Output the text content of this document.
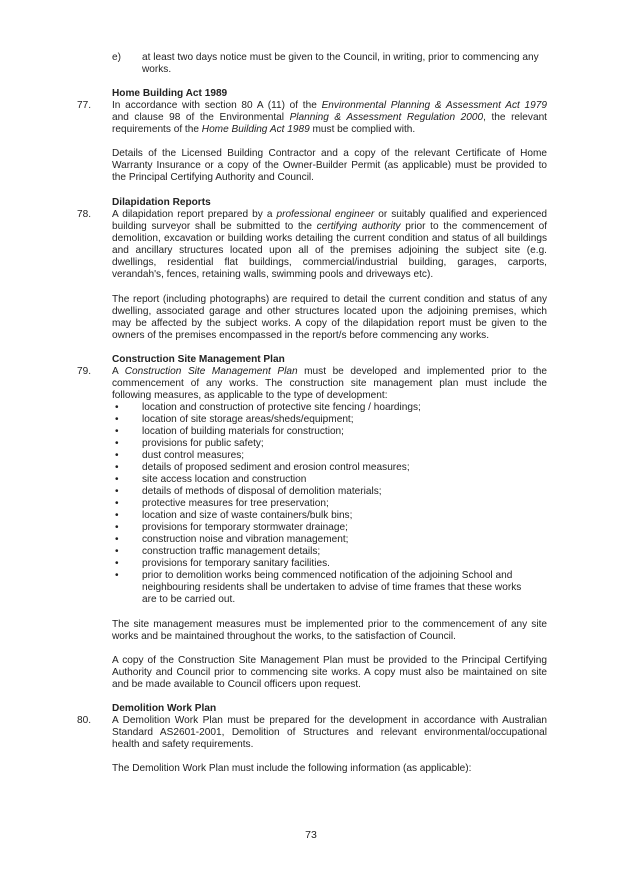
e) at least two days notice must be given to the Council, in writing, prior to commencing any
works.
Home Building Act 1989
77. In accordance with section 80 A (11) of the Environmental Planning & Assessment Act 1979
and clause 98 of the Environmental Planning & Assessment Regulation 2000, the relevant
requirements of the Home Building Act 1989 must be complied with.
Details of the Licensed Building Contractor and a copy of the relevant Certificate of Home
Warranty Insurance or a copy of the Owner-Builder Permit (as applicable) must be provided to
the Principal Certifying Authority and Council.
Dilapidation Reports
78. A dilapidation report prepared by a professional engineer or suitably qualified and experienced
building surveyor shall be submitted to the certifying authority prior to the commencement of
demolition, excavation or building works detailing the current condition and status of all buildings
and ancillary structures located upon all of the premises adjoining the subject site (e.g.
dwellings, residential flat buildings, commercial/industrial building, garages, carports,
verandah's, fences, retaining walls, swimming pools and driveways etc).
The report (including photographs) are required to detail the current condition and status of any
dwelling, associated garage and other structures located upon the adjoining premises, which
may be affected by the subject works. A copy of the dilapidation report must be given to the
owners of the premises encompassed in the report/s before commencing any works.
Construction Site Management Plan
79. A Construction Site Management Plan must be developed and implemented prior to the
commencement of any works. The construction site management plan must include the
following measures, as applicable to the type of development:
• location and construction of protective site fencing / hoardings;
• location of site storage areas/sheds/equipment;
• location of building materials for construction;
• provisions for public safety;
• dust control measures;
• details of proposed sediment and erosion control measures;
• site access location and construction
• details of methods of disposal of demolition materials;
• protective measures for tree preservation;
• location and size of waste containers/bulk bins;
• provisions for temporary stormwater drainage;
• construction noise and vibration management;
• construction traffic management details;
• provisions for temporary sanitary facilities.
• prior to demolition works being commenced notification of the adjoining School and
neighbouring residents shall be undertaken to advise of time frames that these works
are to be carried out.
The site management measures must be implemented prior to the commencement of any site
works and be maintained throughout the works, to the satisfaction of Council.
A copy of the Construction Site Management Plan must be provided to the Principal Certifying
Authority and Council prior to commencing site works. A copy must also be maintained on site
and be made available to Council officers upon request.
Demolition Work Plan
80. A Demolition Work Plan must be prepared for the development in accordance with Australian
Standard AS2601-2001, Demolition of Structures and relevant environmental/occupational
health and safety requirements.
The Demolition Work Plan must include the following information (as applicable):
73
